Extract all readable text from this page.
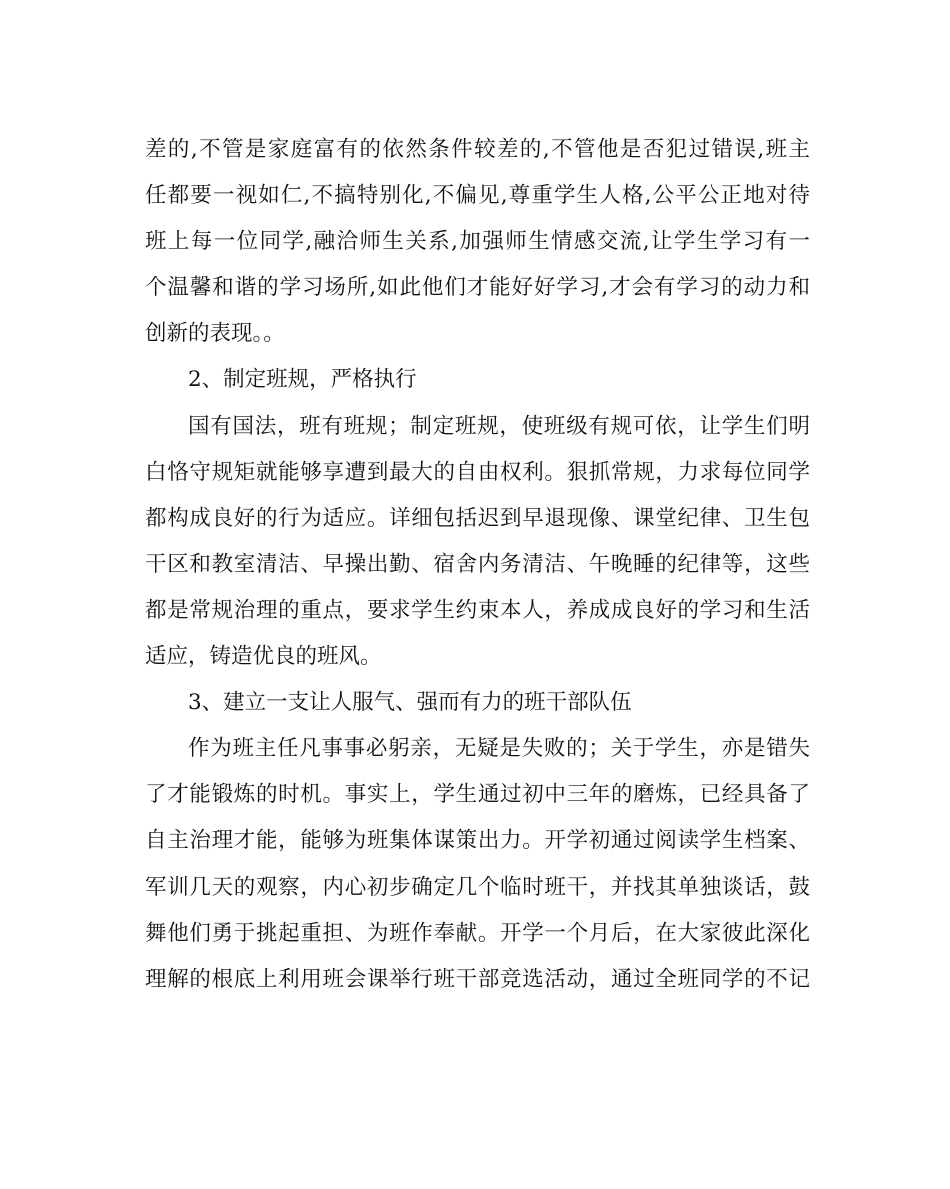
差的,不管是家庭富有的依然条件较差的,不管他是否犯过错误,班主
任都要一视如仁,不搞特别化,不偏见,尊重学生人格,公平公正地对待
班上每一位同学,融洽师生关系,加强师生情感交流,让学生学习有一
个温馨和谐的学习场所,如此他们才能好好学习,才会有学习的动力和
创新的表现。。
2、制定班规，严格执行
国有国法，班有班规；制定班规，使班级有规可依，让学生们明
白恪守规矩就能够享遭到最大的自由权利。狠抓常规，力求每位同学
都构成良好的行为适应。详细包括迟到早退现像、课堂纪律、卫生包
干区和教室清洁、早操出勤、宿舍内务清洁、午晚睡的纪律等，这些
都是常规治理的重点，要求学生约束本人，养成成良好的学习和生活
适应，铸造优良的班风。
3、建立一支让人服气、强而有力的班干部队伍
作为班主任凡事事必躬亲，无疑是失败的；关于学生，亦是错失
了才能锻炼的时机。事实上，学生通过初中三年的磨炼，已经具备了
自主治理才能，能够为班集体谋策出力。开学初通过阅读学生档案、
军训几天的观察，内心初步确定几个临时班干，并找其单独谈话，鼓
舞他们勇于挑起重担、为班作奉献。开学一个月后，在大家彼此深化
理解的根底上利用班会课举行班干部竞选活动，通过全班同学的不记
